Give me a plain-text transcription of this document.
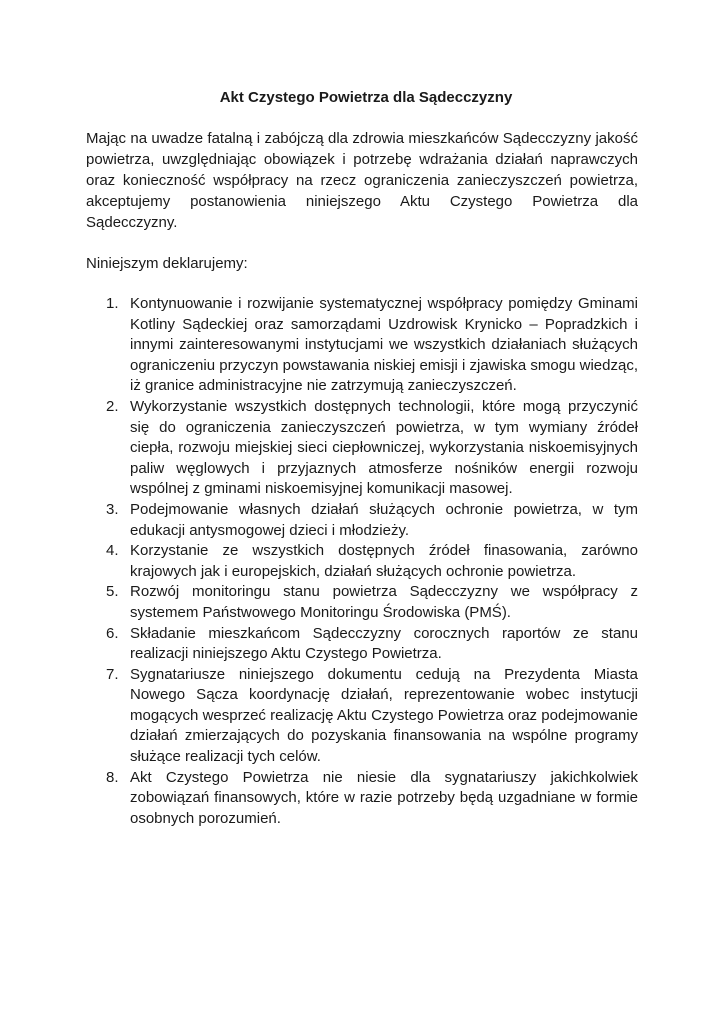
Akt Czystego Powietrza dla Sądecczyzny

Mając na uwadze fatalną i zabójczą dla zdrowia mieszkańców Sądecczyzny jakość powietrza, uwzględniając obowiązek i potrzebę wdrażania działań naprawczych oraz konieczność współpracy na rzecz ograniczenia zanieczyszczeń powietrza, akceptujemy postanowienia niniejszego Aktu Czystego Powietrza dla Sądecczyzny.

Niniejszym deklarujemy:

1. Kontynuowanie i rozwijanie systematycznej współpracy pomiędzy Gminami Kotliny Sądeckiej oraz samorządami Uzdrowisk Krynicko – Popradzkich i innymi zainteresowanymi instytucjami we wszystkich działaniach służących ograniczeniu przyczyn powstawania niskiej emisji i zjawiska smogu wiedząc, iż granice administracyjne nie zatrzymują zanieczyszczeń.
2. Wykorzystanie wszystkich dostępnych technologii, które mogą przyczynić się do ograniczenia zanieczyszczeń powietrza, w tym wymiany źródeł ciepła, rozwoju miejskiej sieci ciepłowniczej, wykorzystania niskoemisyjnych paliw węglowych i przyjaznych atmosferze nośników energii rozwoju wspólnej z gminami niskoemisyjnej komunikacji masowej.
3. Podejmowanie własnych działań służących ochronie powietrza, w tym edukacji antysmogowej dzieci i młodzieży.
4. Korzystanie ze wszystkich dostępnych źródeł finasowania, zarówno krajowych jak i europejskich, działań służących ochronie powietrza.
5. Rozwój monitoringu stanu powietrza Sądecczyzny we współpracy z systemem Państwowego Monitoringu Środowiska (PMŚ).
6. Składanie mieszkańcom Sądecczyzny corocznych raportów ze stanu realizacji niniejszego Aktu Czystego Powietrza.
7. Sygnatariusze niniejszego dokumentu cedują na Prezydenta Miasta Nowego Sącza koordynację działań, reprezentowanie wobec instytucji mogących wesprzeć realizację Aktu Czystego Powietrza oraz podejmowanie działań zmierzających do pozyskania finansowania na wspólne programy służące realizacji tych celów.
8. Akt Czystego Powietrza nie niesie dla sygnatariuszy jakichkolwiek zobowiązań finansowych, które w razie potrzeby będą uzgadniane w formie osobnych porozumień.
